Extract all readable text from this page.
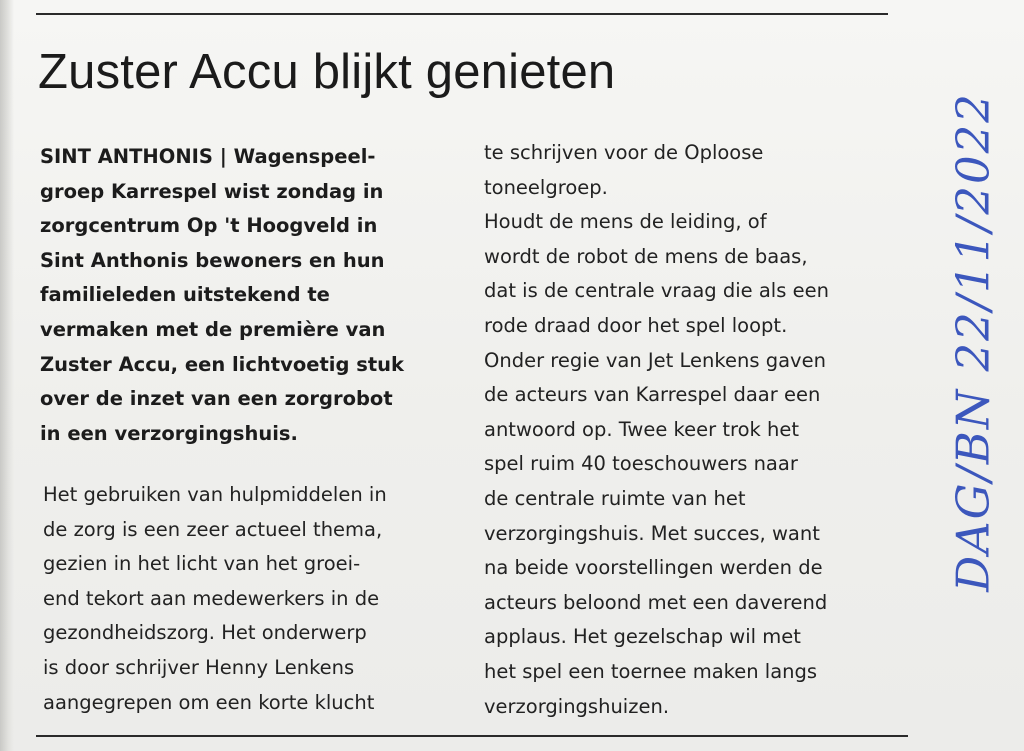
Zuster Accu blijkt genieten
SINT ANTHONIS | Wagenspeel-
groep Karrespel wist zondag in
zorgcentrum Op 't Hoogveld in
Sint Anthonis bewoners en hun
familieleden uitstekend te
vermaken met de première van
Zuster Accu, een lichtvoetig stuk
over de inzet van een zorgrobot
in een verzorgingshuis.
Het gebruiken van hulpmiddelen in
de zorg is een zeer actueel thema,
gezien in het licht van het groei-
end tekort aan medewerkers in de
gezondheidszorg. Het onderwerp
is door schrijver Henny Lenkens
aangegrepen om een korte klucht
te schrijven voor de Oploose
toneelgroep.
Houdt de mens de leiding, of
wordt de robot de mens de baas,
dat is de centrale vraag die als een
rode draad door het spel loopt.
Onder regie van Jet Lenkens gaven
de acteurs van Karrespel daar een
antwoord op. Twee keer trok het
spel ruim 40 toeschouwers naar
de centrale ruimte van het
verzorgingshuis. Met succes, want
na beide voorstellingen werden de
acteurs beloond met een daverend
applaus. Het gezelschap wil met
het spel een toernee maken langs
verzorgingshuizen.
DAG/BN 22/11/2022
